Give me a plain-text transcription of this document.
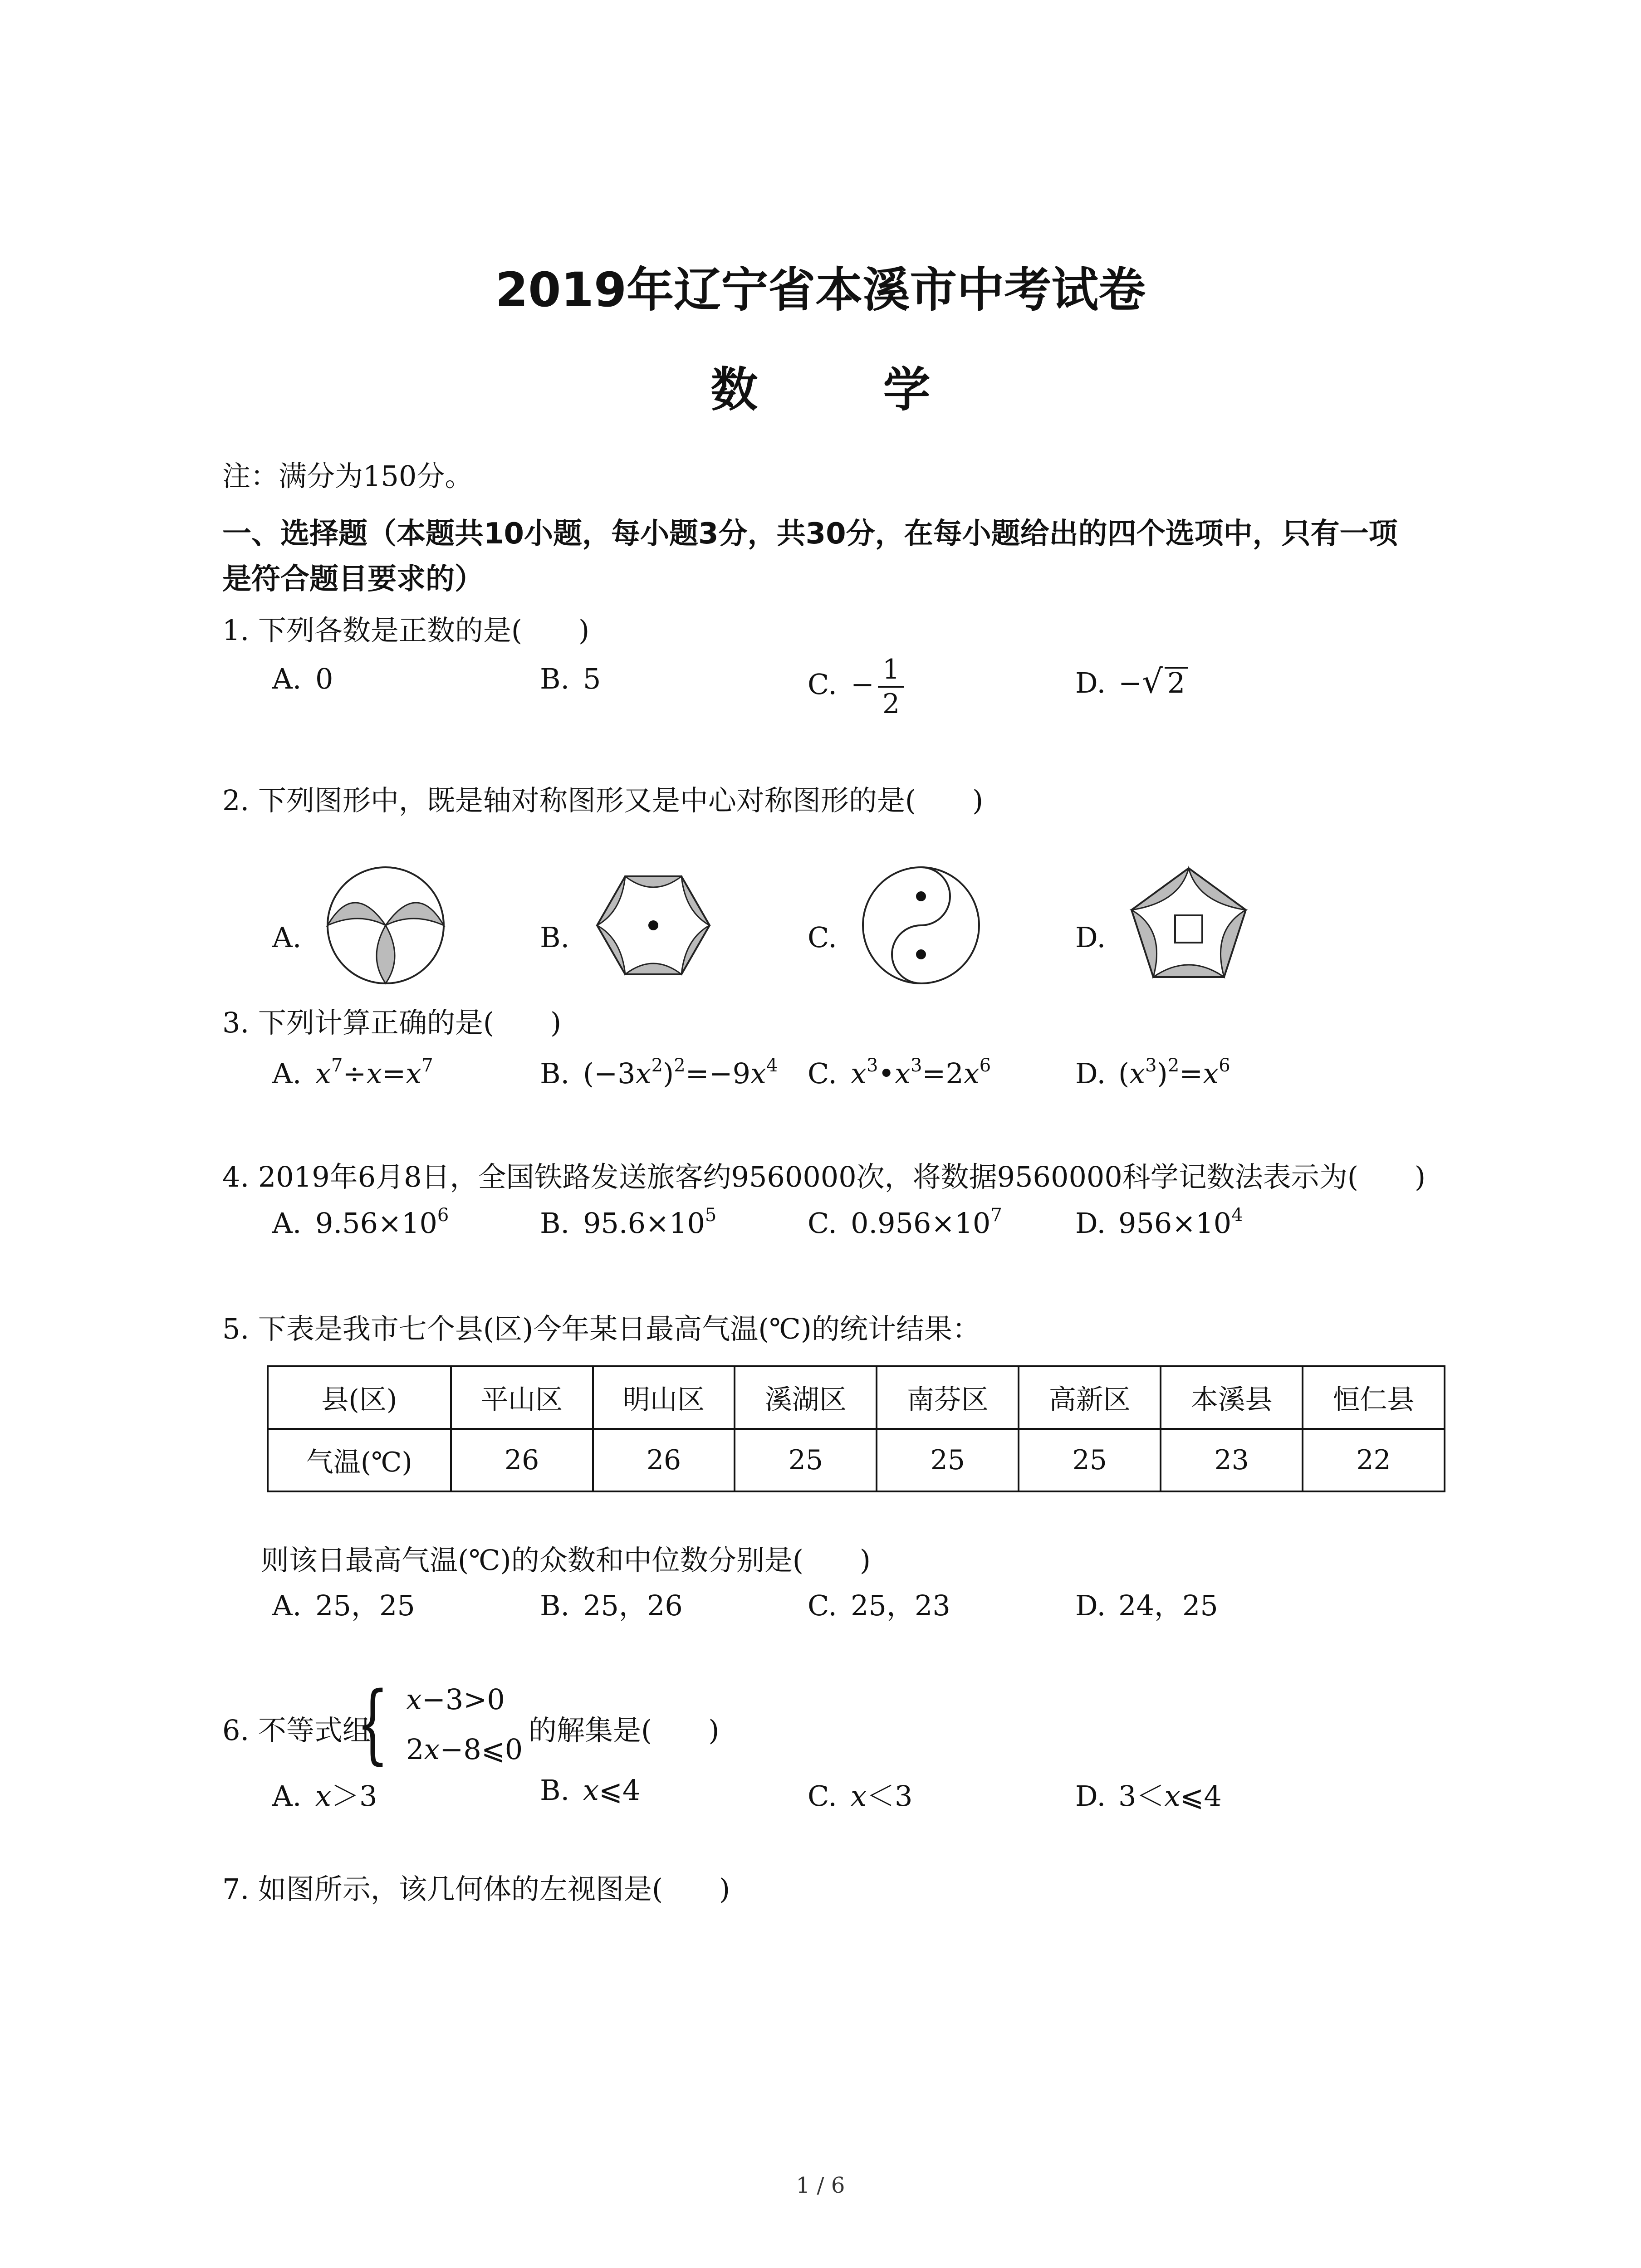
2019年辽宁省本溪市中考试卷
数 学
注：满分为150分。
一、选择题（本题共10小题，每小题3分，共30分，在每小题给出的四个选项中，只有一项
是符合题目要求的）
1. 下列各数是正数的是(　　)
A. 0	B. 5	C. − $\frac{1}{2}$	D. −√ 2
2. 下列图形中，既是轴对称图形又是中心对称图形的是(　　)
A.	B.	C.	D.
3. 下列计算正确的是(　　)
A. $x^7\div x=x^7$	B. $(-3x^2)^2=-9x^4$ C. $x^3•x^3=2x^6$	D. $(x^3)^2=x^6$
4. 2019年6月8日，全国铁路发送旅客约9560000次，将数据9560000科学记数法表示为(　　)
A. $9.56\times 10^6$	B. $95.6\times 10^5$	C. $0.956\times 10^7$	D. $956\times 10^4$
5. 下表是我市七个县(区)今年某日最高气温(℃)的统计结果：
县(区)	平山区	明山区	溪湖区	南芬区	高新区	本溪县	恒仁县
气温(℃)	26	26	25	25	25	23	22
则该日最高气温(℃)的众数和中位数分别是(　　)
A. 25，25	B. 25，26	C. 25，23	D. 24，25
6. 不等式组
{ x−3>0
2x−8⩽0
的解集是(　　)
A. x＞3	B. x⩽4	C. x＜3	D. 3＜x⩽4
7. 如图所示，该几何体的左视图是(　　)
1 / 6
